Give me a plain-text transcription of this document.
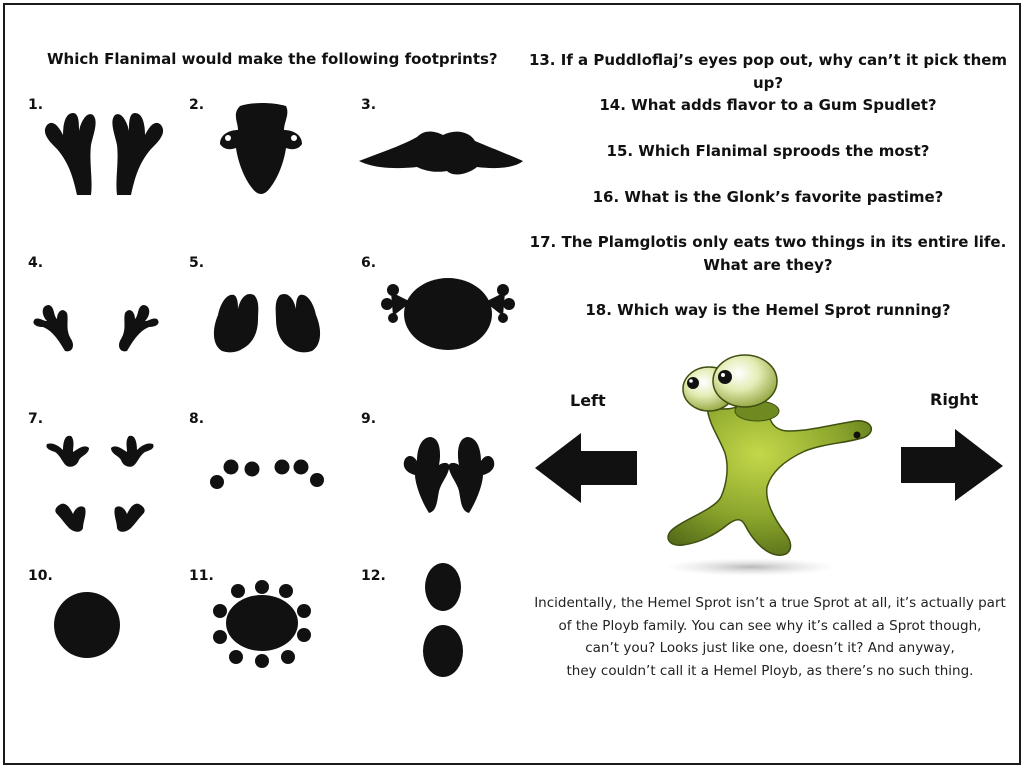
Which Flanimal would make the following footprints?
1.	2.	3.
4.	5.	6.
7.	8.	9.
10.	11.	12.
13. If a Puddloflaj’s eyes pop out, why can’t it pick them up?
14. What adds flavor to a Gum Spudlet?
15. Which Flanimal sproods the most?
16. What is the Glonk’s favorite pastime?
17. The Plamglotis only eats two things in its entire life.
What are they?
18. Which way is the Hemel Sprot running?
Left	Right
Incidentally, the Hemel Sprot isn’t a true Sprot at all, it’s actually part
of the Ployb family. You can see why it’s called a Sprot though,
can’t you? Looks just like one, doesn’t it? And anyway,
they couldn’t call it a Hemel Ployb, as there’s no such thing.
